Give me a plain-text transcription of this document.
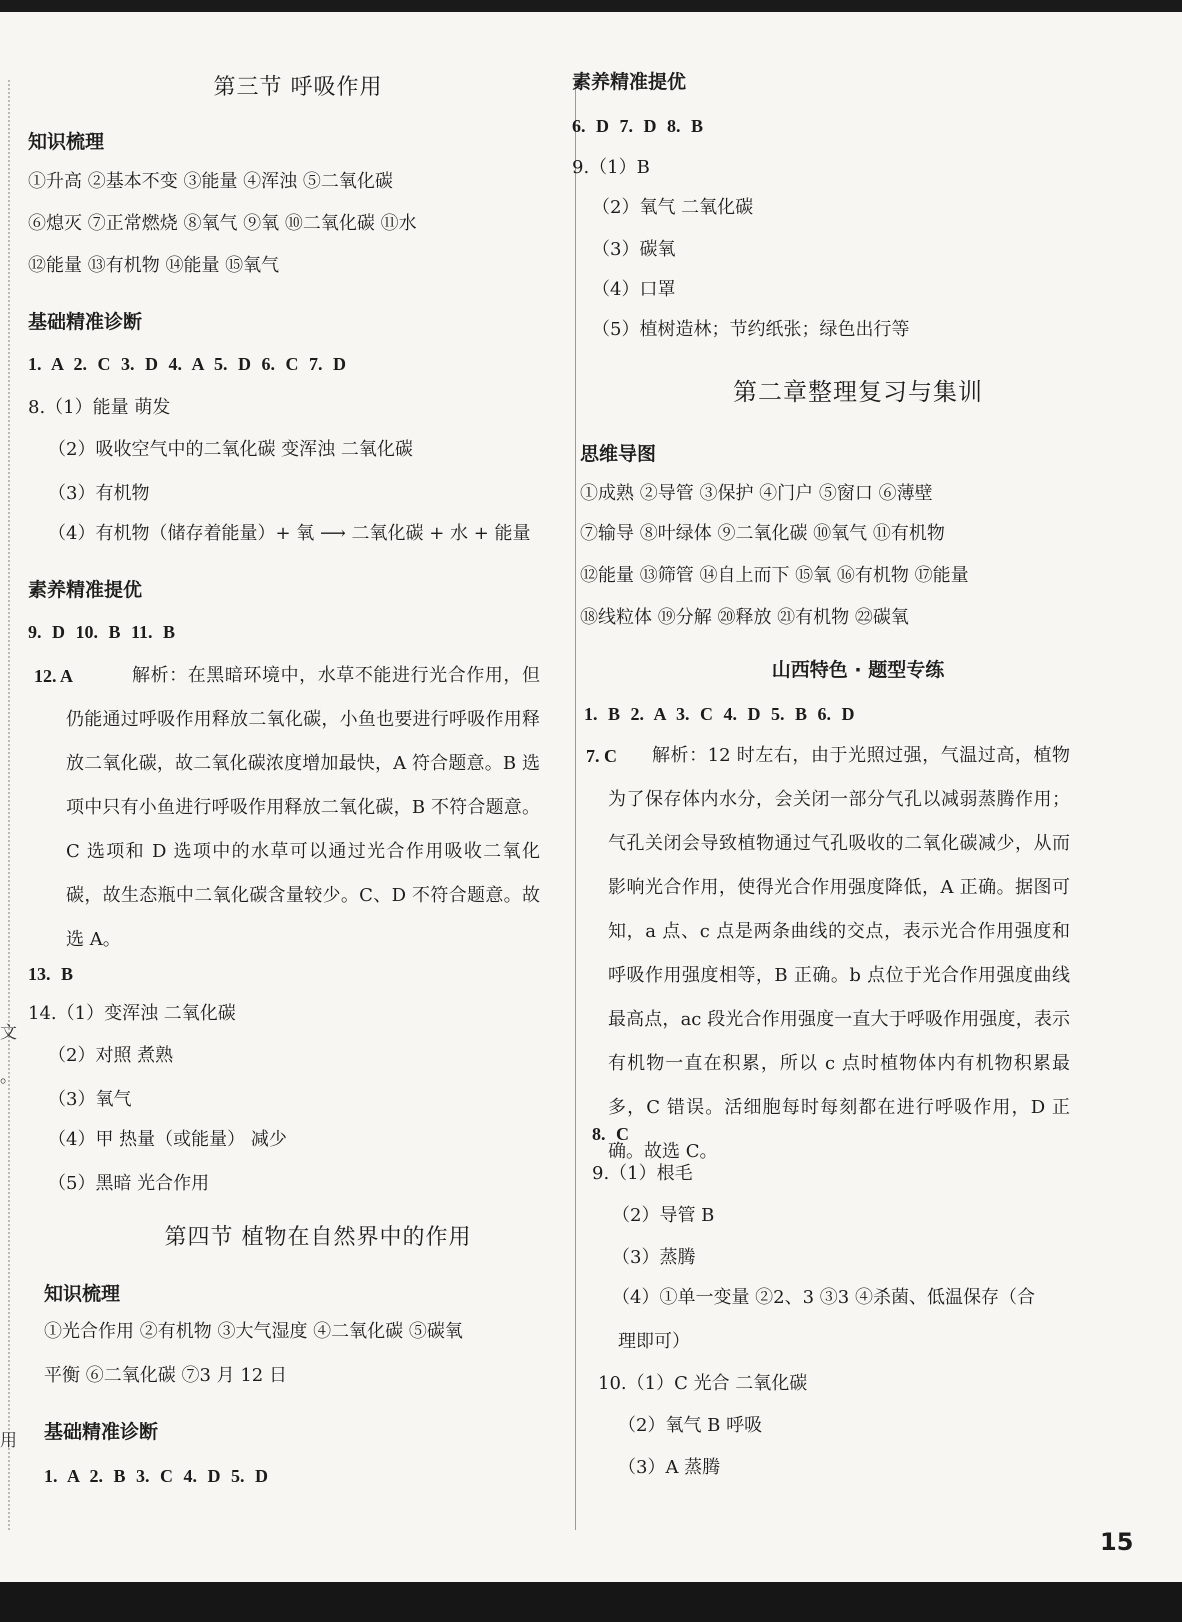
文
。
用
第三节 呼吸作用
知识梳理
①升高 ②基本不变 ③能量 ④浑浊 ⑤二氧化碳
⑥熄灭 ⑦正常燃烧 ⑧氧气 ⑨氧 ⑩二氧化碳 ⑪水
⑫能量 ⑬有机物 ⑭能量 ⑮氧气
基础精准诊断
1. A 2. C 3. D 4. A 5. D 6. C 7. D
8.（1）能量 萌发
（2）吸收空气中的二氧化碳 变浑浊 二氧化碳
（3）有机物
（4）有机物（储存着能量）+ 氧 ⟶ 二氧化碳 + 水 + 能量
素养精准提优
9. D 10. B 11. B
12. A	解析：在黑暗环境中，水草不能进行光合作用，但仍能通过呼吸作用释放二氧化碳，小鱼也要进行呼吸作用释放二氧化碳，故二氧化碳浓度增加最快，A 符合题意。B 选项中只有小鱼进行呼吸作用释放二氧化碳，B 不符合题意。C 选项和 D 选项中的水草可以通过光合作用吸收二氧化碳，故生态瓶中二氧化碳含量较少。C、D 不符合题意。故选 A。
13. B
14.（1）变浑浊 二氧化碳
（2）对照 煮熟
（3）氧气
（4）甲 热量（或能量） 减少
（5）黑暗 光合作用
第四节 植物在自然界中的作用
知识梳理
①光合作用 ②有机物 ③大气湿度 ④二氧化碳 ⑤碳氧
平衡 ⑥二氧化碳 ⑦3 月 12 日
基础精准诊断
1. A 2. B 3. C 4. D 5. D
素养精准提优
6. D 7. D 8. B
9.（1）B
（2）氧气 二氧化碳
（3）碳氧
（4）口罩
（5）植树造林；节约纸张；绿色出行等
第二章整理复习与集训
思维导图
①成熟 ②导管 ③保护 ④门户 ⑤窗口 ⑥薄壁
⑦输导 ⑧叶绿体 ⑨二氧化碳 ⑩氧气 ⑪有机物
⑫能量 ⑬筛管 ⑭自上而下 ⑮氧 ⑯有机物 ⑰能量
⑱线粒体 ⑲分解 ⑳释放 ㉑有机物 ㉒碳氧
山西特色 · 题型专练
1. B 2. A 3. C 4. D 5. B 6. D
7. C	解析：12 时左右，由于光照过强，气温过高，植物为了保存体内水分，会关闭一部分气孔以减弱蒸腾作用；气孔关闭会导致植物通过气孔吸收的二氧化碳减少，从而影响光合作用，使得光合作用强度降低，A 正确。据图可知，a 点、c 点是两条曲线的交点，表示光合作用强度和呼吸作用强度相等，B 正确。b 点位于光合作用强度曲线最高点，ac 段光合作用强度一直大于呼吸作用强度，表示有机物一直在积累，所以 c 点时植物体内有机物积累最多，C 错误。活细胞每时每刻都在进行呼吸作用，D 正确。故选 C。
8. C
9.（1）根毛
（2）导管 B
（3）蒸腾
（4）①单一变量 ②2、3 ③3 ④杀菌、低温保存（合
理即可）
10.（1）C 光合 二氧化碳
（2）氧气 B 呼吸
（3）A 蒸腾
15
